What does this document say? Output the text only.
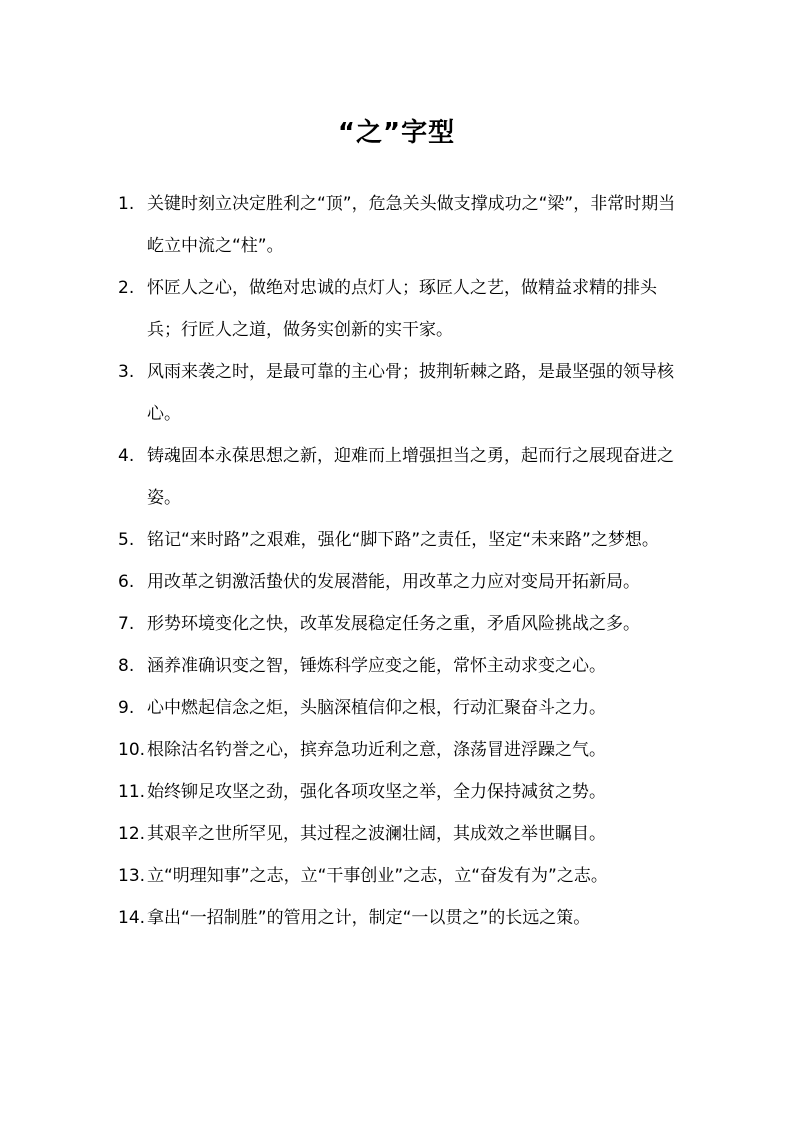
“之”字型
1. 关键时刻立决定胜利之“顶”，危急关头做支撑成功之“梁”，非常时期当屹立中流之“柱”。
2. 怀匠人之心，做绝对忠诚的点灯人；琢匠人之艺，做精益求精的排头兵；行匠人之道，做务实创新的实干家。
3. 风雨来袭之时，是最可靠的主心骨；披荆斩棘之路，是最坚强的领导核心。
4. 铸魂固本永葆思想之新，迎难而上增强担当之勇，起而行之展现奋进之姿。
5. 铭记“来时路”之艰难，强化“脚下路”之责任，坚定“未来路”之梦想。
6. 用改革之钥激活蛰伏的发展潜能，用改革之力应对变局开拓新局。
7. 形势环境变化之快，改革发展稳定任务之重，矛盾风险挑战之多。
8. 涵养准确识变之智，锤炼科学应变之能，常怀主动求变之心。
9. 心中燃起信念之炬，头脑深植信仰之根，行动汇聚奋斗之力。
10. 根除沽名钓誉之心，摈弃急功近利之意，涤荡冒进浮躁之气。
11. 始终铆足攻坚之劲，强化各项攻坚之举，全力保持减贫之势。
12. 其艰辛之世所罕见，其过程之波澜壮阔，其成效之举世瞩目。
13. 立“明理知事”之志，立“干事创业”之志，立“奋发有为”之志。
14. 拿出“一招制胜”的管用之计，制定“一以贯之”的长远之策。
